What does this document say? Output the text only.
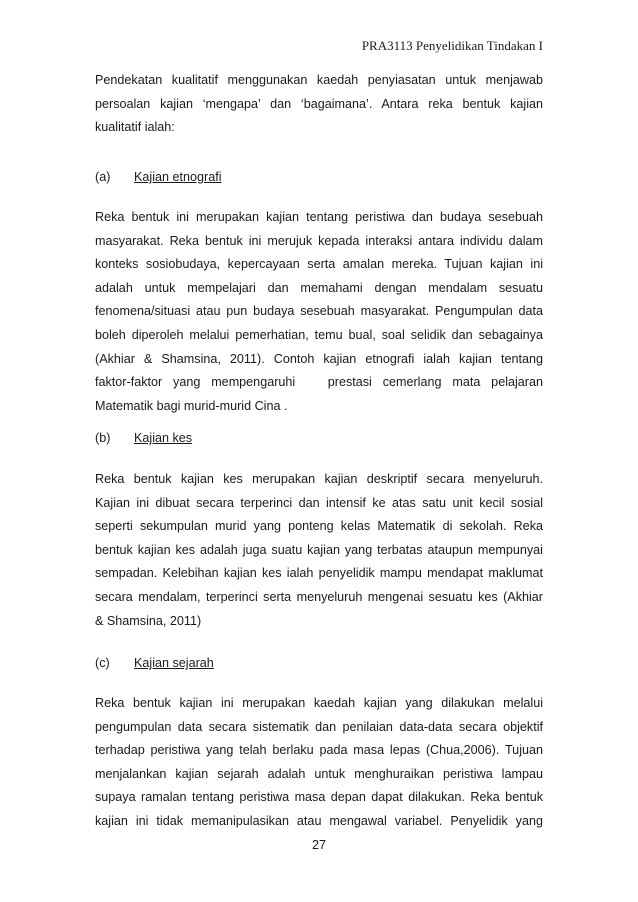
PRA3113 Penyelidikan Tindakan I
Pendekatan kualitatif menggunakan kaedah penyiasatan untuk menjawab
persoalan kajian ‘mengapa’ dan ‘bagaimana’. Antara reka bentuk kajian
kualitatif ialah:
(a) Kajian etnografi
Reka bentuk ini merupakan kajian tentang peristiwa dan budaya sesebuah
masyarakat. Reka bentuk ini merujuk kepada interaksi antara individu dalam
konteks sosiobudaya, kepercayaan serta amalan mereka. Tujuan kajian ini
adalah untuk mempelajari dan memahami dengan mendalam sesuatu
fenomena/situasi atau pun budaya sesebuah masyarakat. Pengumpulan data
boleh diperoleh melalui pemerhatian, temu bual, soal selidik dan sebagainya
(Akhiar & Shamsina, 2011). Contoh kajian etnografi ialah kajian tentang
faktor-faktor yang mempengaruhi   prestasi cemerlang mata pelajaran
Matematik bagi murid-murid Cina .
(b) Kajian kes
Reka bentuk kajian kes merupakan kajian deskriptif secara menyeluruh.
Kajian ini dibuat secara terperinci dan intensif ke atas satu unit kecil sosial
seperti sekumpulan murid yang ponteng kelas Matematik di sekolah. Reka
bentuk kajian kes adalah juga suatu kajian yang terbatas ataupun mempunyai
sempadan. Kelebihan kajian kes ialah penyelidik mampu mendapat maklumat
secara mendalam, terperinci serta menyeluruh mengenai sesuatu kes (Akhiar
& Shamsina, 2011)
(c) Kajian sejarah
Reka bentuk kajian ini merupakan kaedah kajian yang dilakukan melalui
pengumpulan data secara sistematik dan penilaian data-data secara objektif
terhadap peristiwa yang telah berlaku pada masa lepas (Chua,2006). Tujuan
menjalankan kajian sejarah adalah untuk menghuraikan peristiwa lampau
supaya ramalan tentang peristiwa masa depan dapat dilakukan. Reka bentuk
kajian ini tidak memanipulasikan atau mengawal variabel. Penyelidik yang
27
